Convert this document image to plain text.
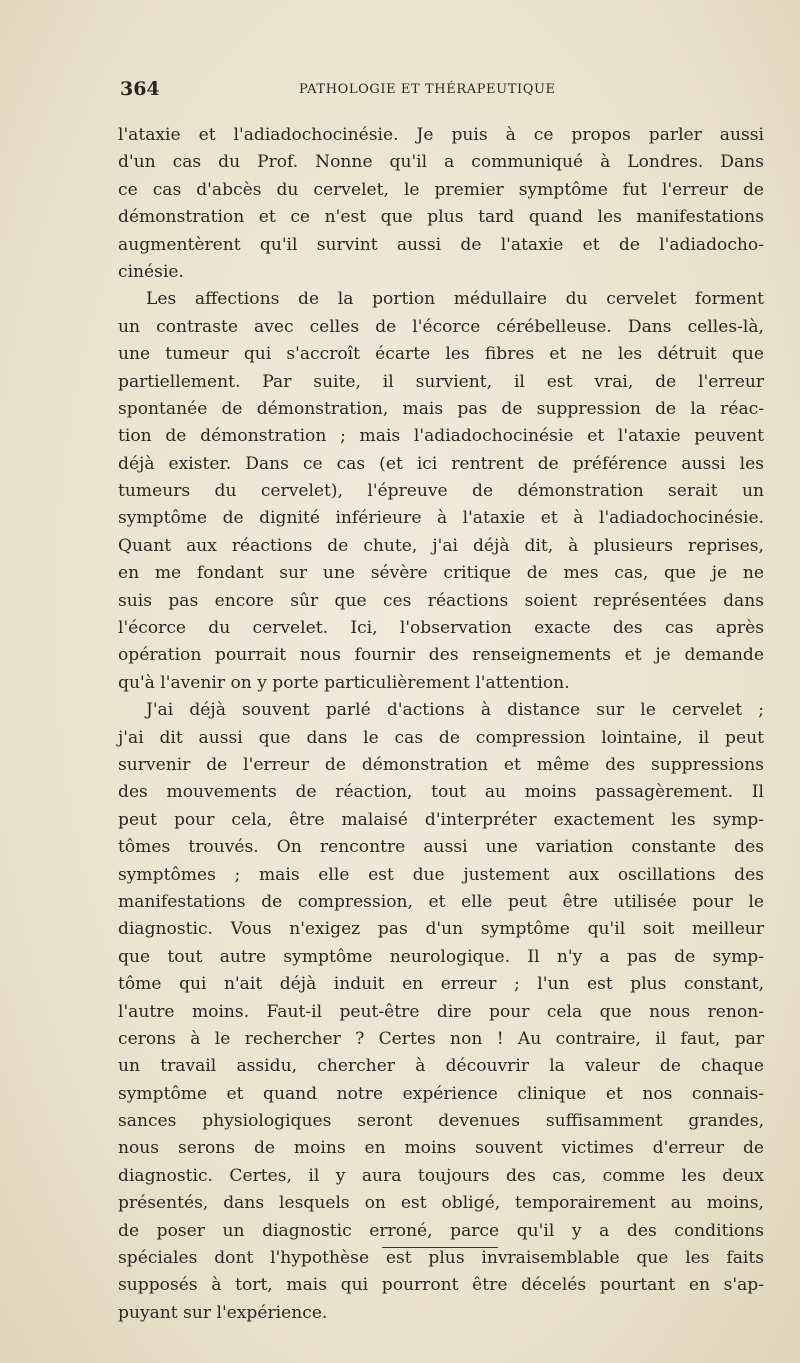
364	PATHOLOGIE ET THÉRAPEUTIQUE
l'ataxie et l'adiadochocinésie. Je puis à ce propos parler aussi
d'un cas du Prof. Nonne qu'il a communiqué à Londres. Dans
ce cas d'abcès du cervelet, le premier symptôme fut l'erreur de
démonstration et ce n'est que plus tard quand les manifestations
augmentèrent qu'il survint aussi de l'ataxie et de l'adiadocho-
cinésie.
Les affections de la portion médullaire du cervelet forment
un contraste avec celles de l'écorce cérébelleuse. Dans celles-là,
une tumeur qui s'accroît écarte les fibres et ne les détruit que
partiellement. Par suite, il survient, il est vrai, de l'erreur
spontanée de démonstration, mais pas de suppression de la réac-
tion de démonstration ; mais l'adiadochocinésie et l'ataxie peuvent
déjà exister. Dans ce cas (et ici rentrent de préférence aussi les
tumeurs du cervelet), l'épreuve de démonstration serait un
symptôme de dignité inférieure à l'ataxie et à l'adiadochocinésie.
Quant aux réactions de chute, j'ai déjà dit, à plusieurs reprises,
en me fondant sur une sévère critique de mes cas, que je ne
suis pas encore sûr que ces réactions soient représentées dans
l'écorce du cervelet. Ici, l'observation exacte des cas après
opération pourrait nous fournir des renseignements et je demande
qu'à l'avenir on y porte particulièrement l'attention.
J'ai déjà souvent parlé d'actions à distance sur le cervelet ;
j'ai dit aussi que dans le cas de compression lointaine, il peut
survenir de l'erreur de démonstration et même des suppressions
des mouvements de réaction, tout au moins passagèrement. Il
peut pour cela, être malaisé d'interpréter exactement les symp-
tômes trouvés. On rencontre aussi une variation constante des
symptômes ; mais elle est due justement aux oscillations des
manifestations de compression, et elle peut être utilisée pour le
diagnostic. Vous n'exigez pas d'un symptôme qu'il soit meilleur
que tout autre symptôme neurologique. Il n'y a pas de symp-
tôme qui n'ait déjà induit en erreur ; l'un est plus constant,
l'autre moins. Faut-il peut-être dire pour cela que nous renon-
cerons à le rechercher ? Certes non ! Au contraire, il faut, par
un travail assidu, chercher à découvrir la valeur de chaque
symptôme et quand notre expérience clinique et nos connais-
sances physiologiques seront devenues suffisamment grandes,
nous serons de moins en moins souvent victimes d'erreur de
diagnostic. Certes, il y aura toujours des cas, comme les deux
présentés, dans lesquels on est obligé, temporairement au moins,
de poser un diagnostic erroné, parce qu'il y a des conditions
spéciales dont l'hypothèse est plus invraisemblable que les faits
supposés à tort, mais qui pourront être décelés pourtant en s'ap-
puyant sur l'expérience.
